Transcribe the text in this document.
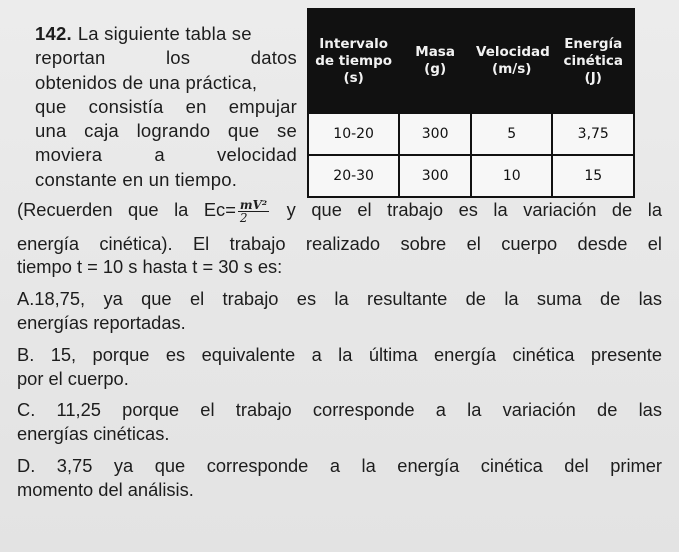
142. La siguiente tabla se
reportan los datos
obtenidos de una práctica,
que consistía en empujar
una caja logrando que se
moviera a velocidad
constante en un tiempo.
Intervalo de tiempo (s)	Masa (g)	Velocidad (m/s)	Energía cinética (J)
10-20	300	5	3,75
20-30	300	10	15

(Recuerden que la $Ec= \frac{\text{mV²}}{2}$ y que el trabajo es la variación de la

energía cinética). El trabajo realizado sobre el cuerpo desde el

tiempo t = 10 s hasta t = 30 s es:

A.18,75, ya que el trabajo es la resultante de la suma de las

energías reportadas.

B. 15, porque es equivalente a la última energía cinética presente

por el cuerpo.

C. 11,25 porque el trabajo corresponde a la variación de las

energías cinéticas.

D. 3,75 ya que corresponde a la energía cinética del primer

momento del análisis.
